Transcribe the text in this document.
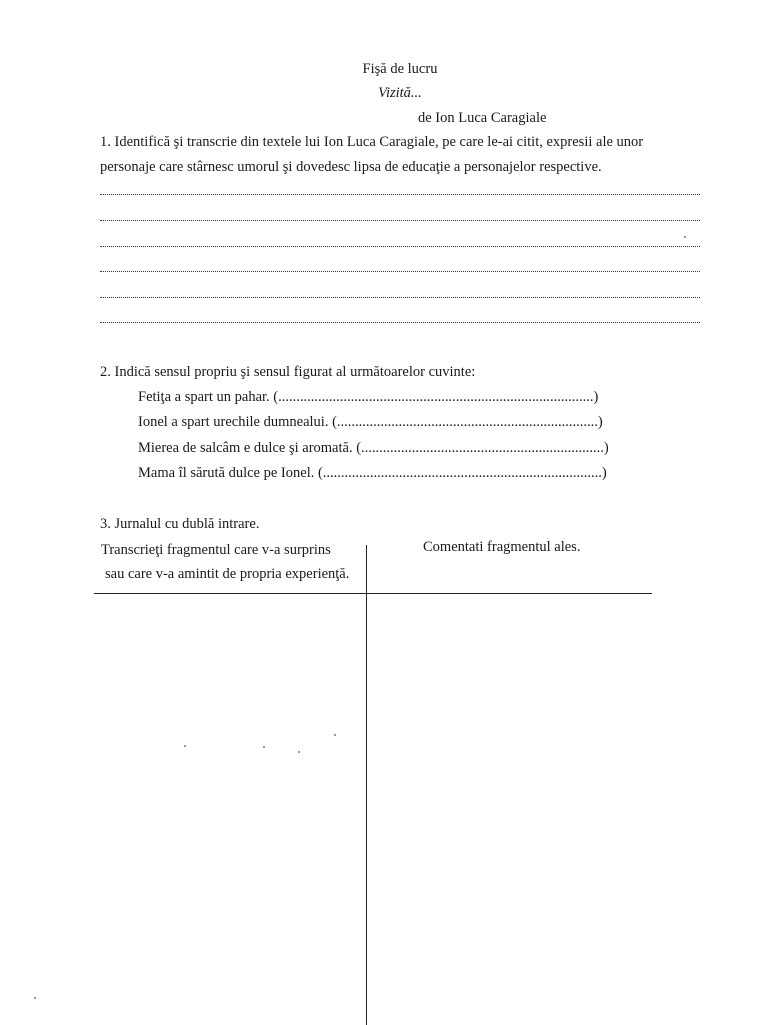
Fişă de lucru
Vizită...
de Ion Luca Caragiale
1. Identifică şi transcrie din textele lui Ion Luca Caragiale, pe care le-ai citit, expresii ale unor
personaje care stârnesc umorul şi dovedesc lipsa de educaţie a personajelor respective.
2. Indică sensul propriu şi sensul figurat al următoarelor cuvinte:
Fetiţa a spart un pahar. (.......................................................................................)
Ionel a spart urechile dumnealui. (........................................................................)
Mierea de salcâm e dulce şi aromată. (...................................................................)
Mama îl sărută dulce pe Ionel. (.............................................................................)
3. Jurnalul cu dublă intrare.
Transcrieţi fragmentul care v-a surprins
sau care v-a amintit de propria experienţă.
Comentati fragmentul ales.
